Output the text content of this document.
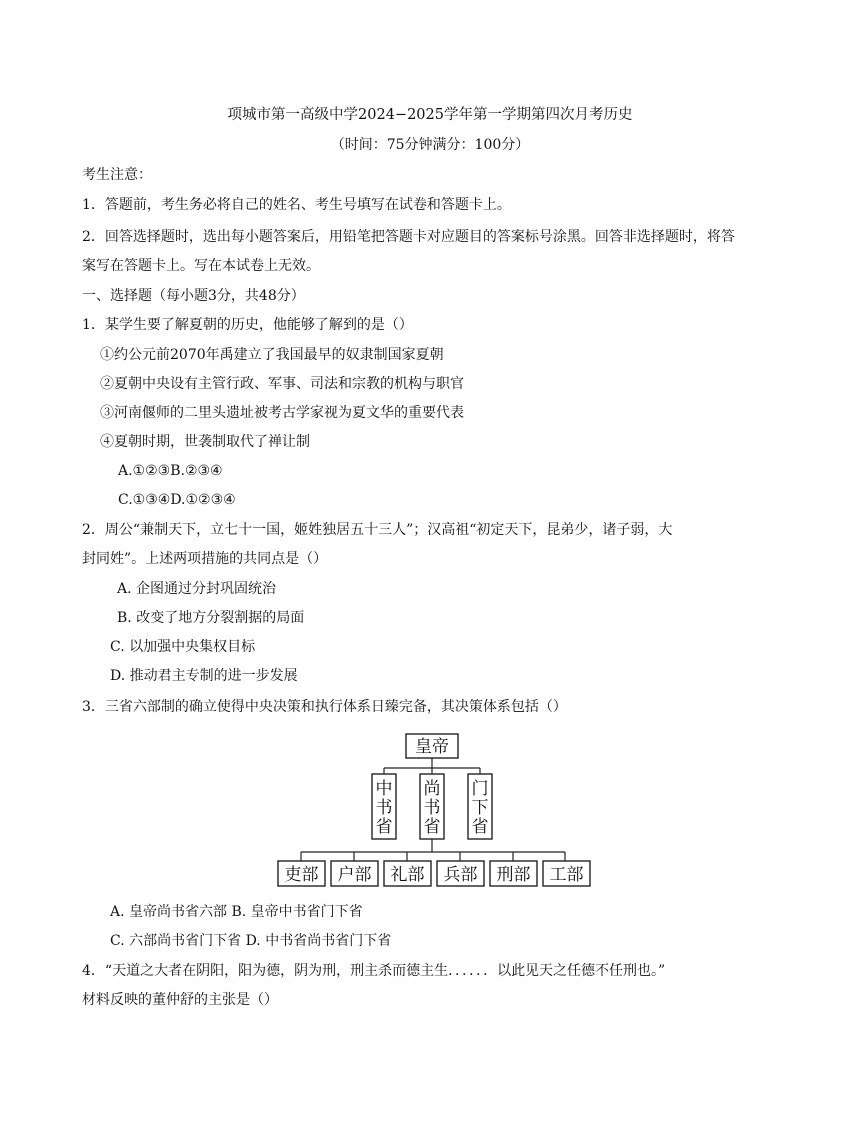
项城市第一高级中学2024−2025学年第一学期第四次月考历史
（时间：75分钟满分：100分）
考生注意：
1．答题前，考生务必将自己的姓名、考生号填写在试卷和答题卡上。
2．回答选择题时，选出每小题答案后，用铅笔把答题卡对应题目的答案标号涂黑。回答非选择题时，将答
案写在答题卡上。写在本试卷上无效。
一、选择题（每小题3分，共48分）
1．某学生要了解夏朝的历史，他能够了解到的是（）
①约公元前2070年禹建立了我国最早的奴隶制国家夏朝
②夏朝中央设有主管行政、军事、司法和宗教的机构与职官
③河南偃师的二里头遗址被考古学家视为夏文华的重要代表
④夏朝时期，世袭制取代了禅让制
A.①②③B.②③④
C.①③④D.①②③④
2．周公“兼制天下，立七十一国，姬姓独居五十三人”；汉高祖“初定天下，昆弟少，诸子弱，大
封同姓”。上述两项措施的共同点是（）
A. 企图通过分封巩固统治
B. 改变了地方分裂割据的局面
C. 以加强中央集权目标
D. 推动君主专制的进一步发展
3．三省六部制的确立使得中央决策和执行体系日臻完备，其决策体系包括（）
皇帝
中书省
尚书省
门下省
吏部 户部 礼部 兵部 刑部 工部
A. 皇帝尚书省六部 B. 皇帝中书省门下省
C. 六部尚书省门下省 D. 中书省尚书省门下省
4．“天道之大者在阴阳，阳为德，阴为刑，刑主杀而德主生．．．．．．以此见天之任德不任刑也。”
材料反映的董仲舒的主张是（）
